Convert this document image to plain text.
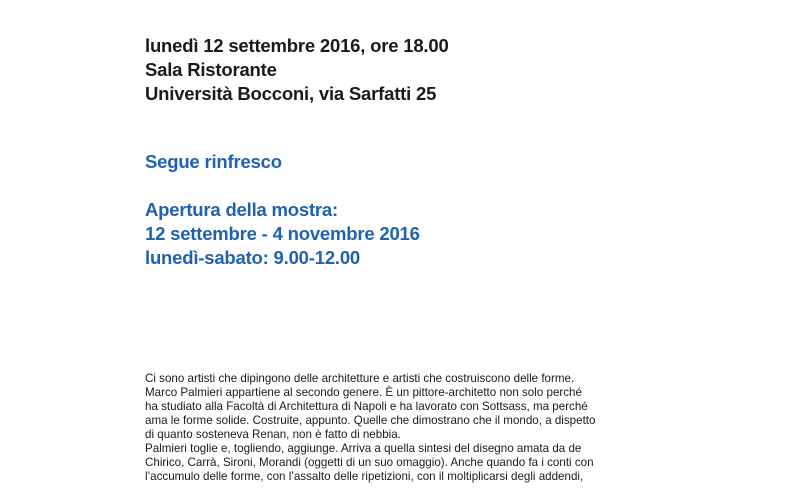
lunedì 12 settembre 2016, ore 18.00
Sala Ristorante
Università Bocconi, via Sarfatti 25
Segue rinfresco
Apertura della mostra:
12 settembre - 4 novembre 2016
lunedì-sabato: 9.00-12.00
Ci sono artisti che dipingono delle architetture e artisti che costruiscono delle forme.
Marco Palmieri appartiene al secondo genere. È un pittore-architetto non solo perché
ha studiato alla Facoltà di Architettura di Napoli e ha lavorato con Sottsass, ma perché
ama le forme solide. Costruite, appunto. Quelle che dimostrano che il mondo, a dispetto
di quanto sosteneva Renan, non è fatto di nebbia.
Palmieri toglie e, togliendo, aggiunge. Arriva a quella sintesi del disegno amata da de
Chirico, Carrà, Sironi, Morandi (oggetti di un suo omaggio). Anche quando fa i conti con
l’accumulo delle forme, con l’assalto delle ripetizioni, con il moltiplicarsi degli addendi,
